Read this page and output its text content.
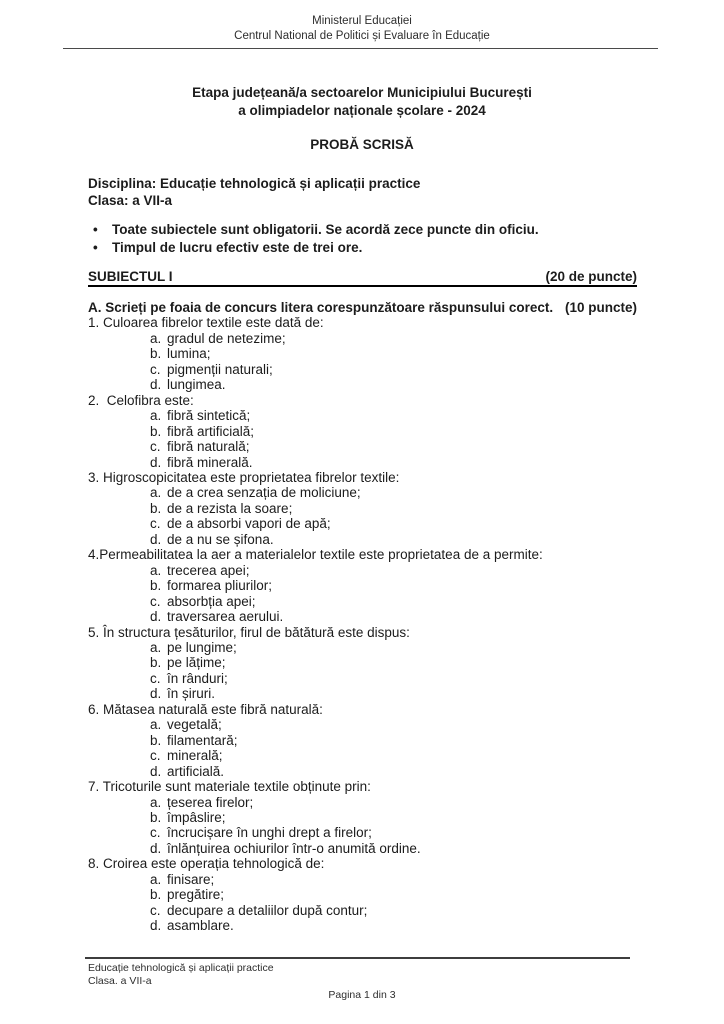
Ministerul Educației
Centrul National de Politici și Evaluare în Educație
Etapa județeană/a sectoarelor Municipiului București
a olimpiadelor naționale școlare - 2024
PROBĂ SCRISĂ
Disciplina: Educație tehnologică și aplicații practice
Clasa: a VII-a
•	Toate subiectele sunt obligatorii. Se acordă zece puncte din oficiu.
•	Timpul de lucru efectiv este de trei ore.
SUBIECTUL I	(20 de puncte)
A. Scrieți pe foaia de concurs litera corespunzătoare răspunsului corect. (10 puncte)
1. Culoarea fibrelor textile este dată de:
a. gradul de netezime;
b. lumina;
c. pigmenții naturali;
d. lungimea.
2.  Celofibra este:
a. fibră sintetică;
b. fibră artificială;
c. fibră naturală;
d. fibră minerală.
3. Higroscopicitatea este proprietatea fibrelor textile:
a. de a crea senzația de moliciune;
b. de a rezista la soare;
c. de a absorbi vapori de apă;
d. de a nu se șifona.
4.Permeabilitatea la aer a materialelor textile este proprietatea de a permite:
a. trecerea apei;
b. formarea pliurilor;
c. absorbția apei;
d. traversarea aerului.
5. În structura țesăturilor, firul de bătătură este dispus:
a. pe lungime;
b. pe lățime;
c. în rânduri;
d. în șiruri.
6. Mătasea naturală este fibră naturală:
a. vegetală;
b. filamentară;
c. minerală;
d. artificială.
7. Tricoturile sunt materiale textile obținute prin:
a. țeserea firelor;
b. împâslire;
c. încrucișare în unghi drept a firelor;
d. înlănțuirea ochiurilor într-o anumită ordine.
8. Croirea este operația tehnologică de:
a. finisare;
b. pregătire;
c. decupare a detaliilor după contur;
d. asamblare.
Educație tehnologică și aplicații practice
Clasa. a VII-a
Pagina 1 din 3
